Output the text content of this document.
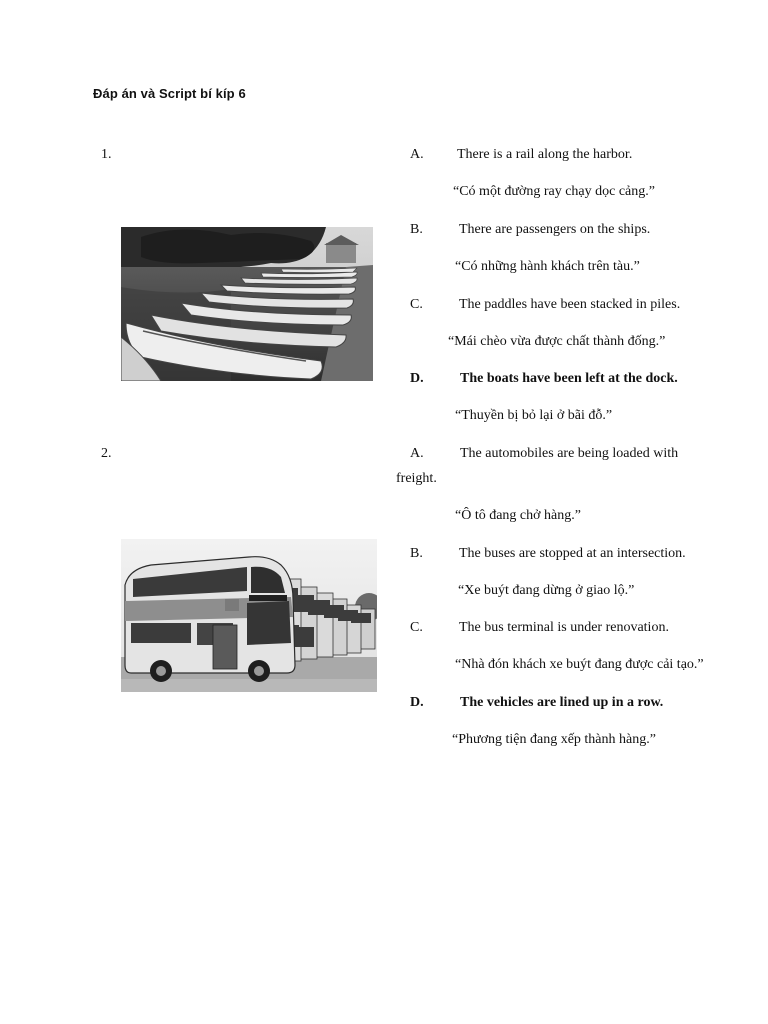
Đáp án và Script bí kíp 6
1.	A. There is a rail along the harbor.
“Có một đường ray chạy dọc cảng.”
B.	There are passengers on the ships.
“Có những hành khách trên tàu.”
C.	The paddles have been stacked in piles.
“Mái chèo vừa được chất thành đống.”
D.	The boats have been left at the dock.
“Thuyền bị bỏ lại ở bãi đỗ.”
2.	A.	The automobiles are being loaded with
freight.
“Ô tô đang chở hàng.”
B.	The buses are stopped at an intersection.
“Xe buýt đang dừng ở giao lộ.”
C.	The bus terminal is under renovation.
“Nhà đón khách xe buýt đang được cải tạo.”
D.	The vehicles are lined up in a row.
“Phương tiện đang xếp thành hàng.”
